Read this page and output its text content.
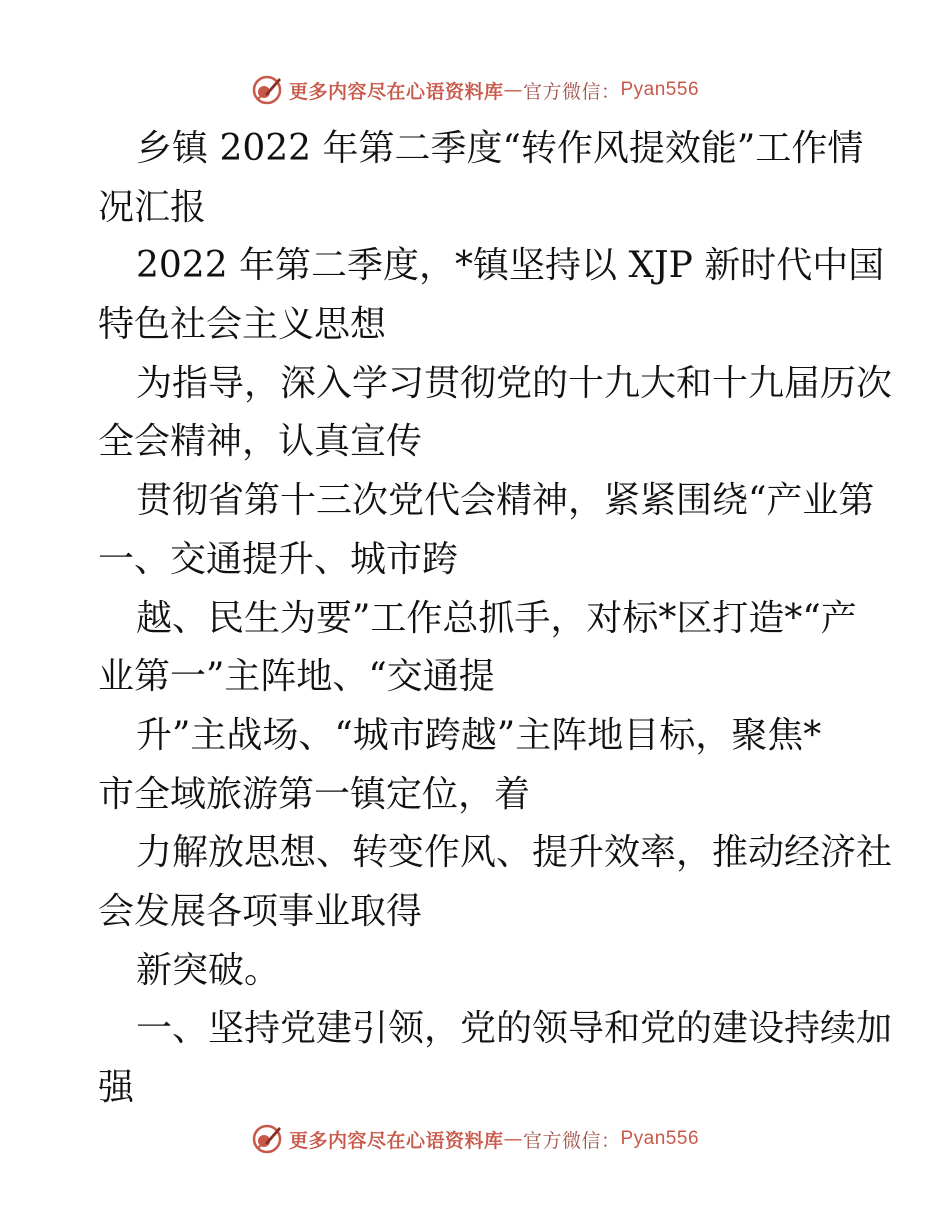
更多内容尽在心语资料库 — 官方微信： Pyan556
乡镇 2022 年第二季度“转作风提效能”工作情
况汇报
2022 年第二季度，*镇坚持以 XJP 新时代中国
特色社会主义思想
为指导，深入学习贯彻党的十九大和十九届历次
全会精神，认真宣传
贯彻省第十三次党代会精神，紧紧围绕“产业第
一、交通提升、城市跨
越、民生为要”工作总抓手，对标*区打造*“产
业第一”主阵地、“交通提
升”主战场、“城市跨越”主阵地目标，聚焦*
市全域旅游第一镇定位，着
力解放思想、转变作风、提升效率，推动经济社
会发展各项事业取得
新突破。
一、坚持党建引领，党的领导和党的建设持续加
强
更多内容尽在心语资料库 — 官方微信： Pyan556
